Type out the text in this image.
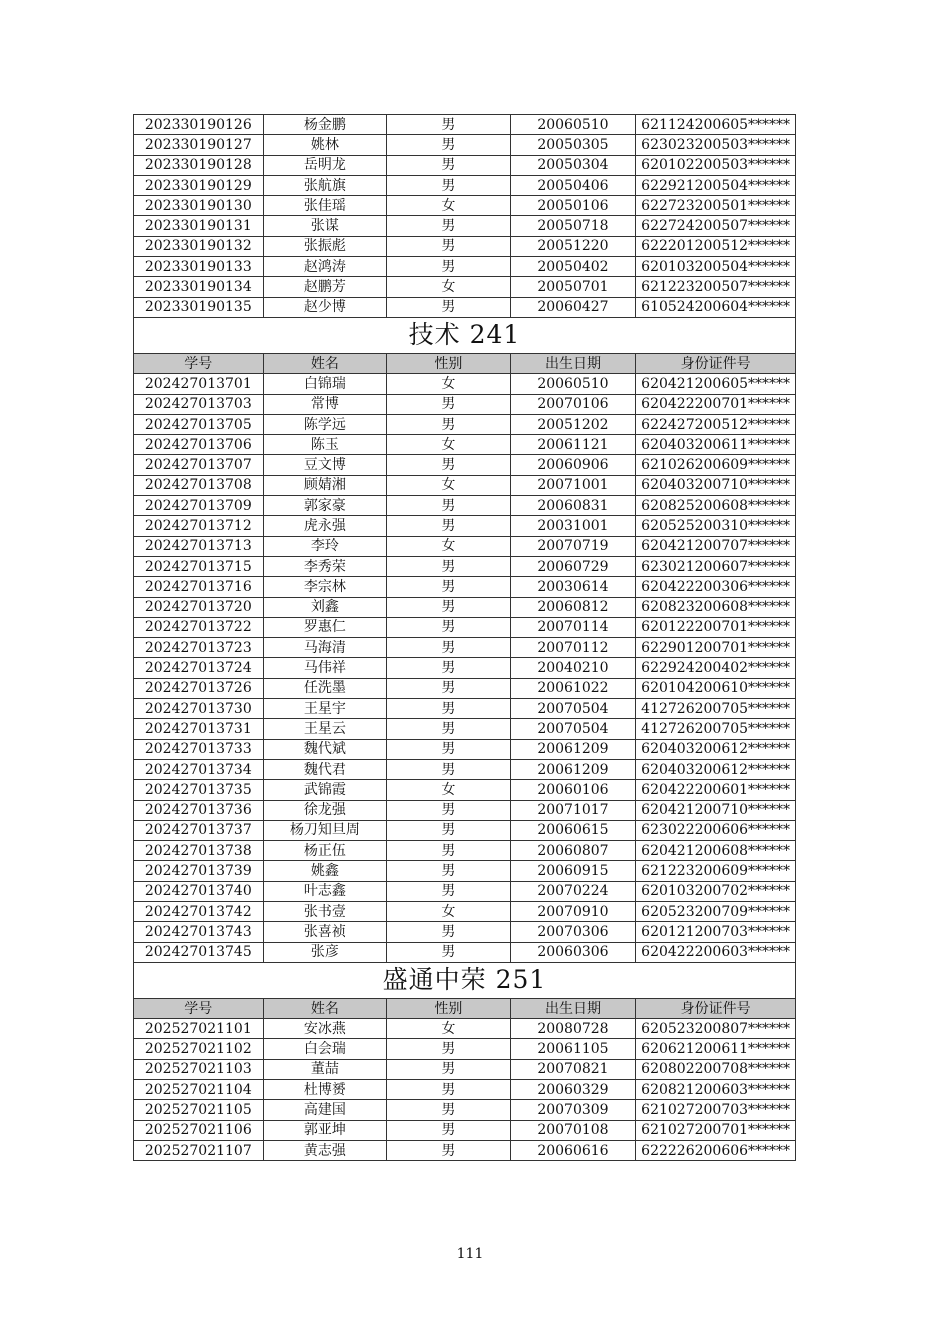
202330190126	杨金鹏	男	20060510	621124200605******
202330190127	姚林	男	20050305	623023200503******
202330190128	岳明龙	男	20050304	620102200503******
202330190129	张航旗	男	20050406	622921200504******
202330190130	张佳瑶	女	20050106	622723200501******
202330190131	张谋	男	20050718	622724200507******
202330190132	张振彪	男	20051220	622201200512******
202330190133	赵鸿涛	男	20050402	620103200504******
202330190134	赵鹏芳	女	20050701	621223200507******
202330190135	赵少博	男	20060427	610524200604******
技术 241				
学号	姓名	性别	出生日期	身份证件号
202427013701	白锦瑞	女	20060510	620421200605******
202427013703	常博	男	20070106	620422200701******
202427013705	陈学远	男	20051202	622427200512******
202427013706	陈玉	女	20061121	620403200611******
202427013707	豆文博	男	20060906	621026200609******
202427013708	顾婧湘	女	20071001	620403200710******
202427013709	郭家豪	男	20060831	620825200608******
202427013712	虎永强	男	20031001	620525200310******
202427013713	李玲	女	20070719	620421200707******
202427013715	李秀荣	男	20060729	623021200607******
202427013716	李宗林	男	20030614	620422200306******
202427013720	刘鑫	男	20060812	620823200608******
202427013722	罗惠仁	男	20070114	620122200701******
202427013723	马海清	男	20070112	622901200701******
202427013724	马伟祥	男	20040210	622924200402******
202427013726	任洗墨	男	20061022	620104200610******
202427013730	王星宇	男	20070504	412726200705******
202427013731	王星云	男	20070504	412726200705******
202427013733	魏代斌	男	20061209	620403200612******
202427013734	魏代君	男	20061209	620403200612******
202427013735	武锦霞	女	20060106	620422200601******
202427013736	徐龙强	男	20071017	620421200710******
202427013737	杨刀知旦周	男	20060615	623022200606******
202427013738	杨正伍	男	20060807	620421200608******
202427013739	姚鑫	男	20060915	621223200609******
202427013740	叶志鑫	男	20070224	620103200702******
202427013742	张书壹	女	20070910	620523200709******
202427013743	张喜祯	男	20070306	620121200703******
202427013745	张彦	男	20060306	620422200603******
盛通中荣 251				
学号	姓名	性别	出生日期	身份证件号
202527021101	安冰燕	女	20080728	620523200807******
202527021102	白会瑞	男	20061105	620621200611******
202527021103	董喆	男	20070821	620802200708******
202527021104	杜博赟	男	20060329	620821200603******
202527021105	高建国	男	20070309	621027200703******
202527021106	郭亚坤	男	20070108	621027200701******
202527021107	黄志强	男	20060616	622226200606******
111
